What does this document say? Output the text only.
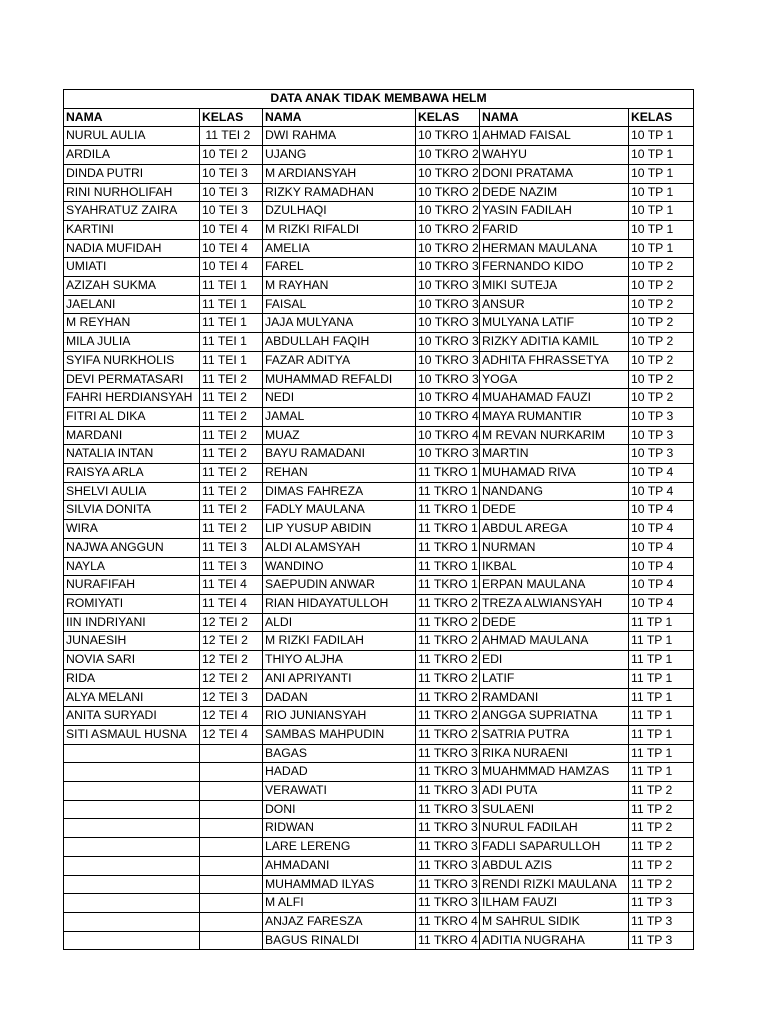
DATA ANAK TIDAK MEMBAWA HELM					
NAMA	KELAS	NAMA	KELAS	NAMA	KELAS
NURUL AULIA	11 TEI 2	DWI RAHMA	10 TKRO 1	AHMAD FAISAL	10 TP 1
ARDILA	10 TEI 2	UJANG	10 TKRO 2	WAHYU	10 TP 1
DINDA PUTRI	10 TEI 3	M ARDIANSYAH	10 TKRO 2	DONI PRATAMA	10 TP 1
RINI NURHOLIFAH	10 TEI 3	RIZKY RAMADHAN	10 TKRO 2	DEDE NAZIM	10 TP 1
SYAHRATUZ ZAIRA	10 TEI 3	DZULHAQI	10 TKRO 2	YASIN FADILAH	10 TP 1
KARTINI	10 TEI 4	M RIZKI RIFALDI	10 TKRO 2	FARID	10 TP 1
NADIA MUFIDAH	10 TEI 4	AMELIA	10 TKRO 2	HERMAN MAULANA	10 TP 1
UMIATI	10 TEI 4	FAREL	10 TKRO 3	FERNANDO KIDO	10 TP 2
AZIZAH SUKMA	11 TEI 1	M RAYHAN	10 TKRO 3	MIKI SUTEJA	10 TP 2
JAELANI	11 TEI 1	FAISAL	10 TKRO 3	ANSUR	10 TP 2
M REYHAN	11 TEI 1	JAJA MULYANA	10 TKRO 3	MULYANA LATIF	10 TP 2
MILA JULIA	11 TEI 1	ABDULLAH FAQIH	10 TKRO 3	RIZKY ADITIA KAMIL	10 TP 2
SYIFA NURKHOLIS	11 TEI 1	FAZAR ADITYA	10 TKRO 3	ADHITA FHRASSETYA	10 TP 2
DEVI PERMATASARI	11 TEI 2	MUHAMMAD REFALDI	10 TKRO 3	YOGA	10 TP 2
FAHRI HERDIANSYAH	11 TEI 2	NEDI	10 TKRO 4	MUAHAMAD FAUZI	10 TP 2
FITRI AL DIKA	11 TEI 2	JAMAL	10 TKRO 4	MAYA RUMANTIR	10 TP 3
MARDANI	11 TEI 2	MUAZ	10 TKRO 4	M REVAN NURKARIM	10 TP 3
NATALIA INTAN	11 TEI 2	BAYU RAMADANI	10 TKRO 3	MARTIN	10 TP 3
RAISYA ARLA	11 TEI 2	REHAN	11 TKRO 1	MUHAMAD RIVA	10 TP 4
SHELVI AULIA	11 TEI 2	DIMAS FAHREZA	11 TKRO 1	NANDANG	10 TP 4
SILVIA DONITA	11 TEI 2	FADLY MAULANA	11 TKRO 1	DEDE	10 TP 4
WIRA	11 TEI 2	LIP YUSUP ABIDIN	11 TKRO 1	ABDUL AREGA	10 TP 4
NAJWA ANGGUN	11 TEI 3	ALDI ALAMSYAH	11 TKRO 1	NURMAN	10 TP 4
NAYLA	11 TEI 3	WANDINO	11 TKRO 1	IKBAL	10 TP 4
NURAFIFAH	11 TEI 4	SAEPUDIN ANWAR	11 TKRO 1	ERPAN MAULANA	10 TP 4
ROMIYATI	11 TEI 4	RIAN HIDAYATULLOH	11 TKRO 2	TREZA ALWIANSYAH	10 TP 4
IIN INDRIYANI	12 TEI 2	ALDI	11 TKRO 2	DEDE	11 TP 1
JUNAESIH	12 TEI 2	M RIZKI FADILAH	11 TKRO 2	AHMAD MAULANA	11 TP 1
NOVIA SARI	12 TEI 2	THIYO ALJHA	11 TKRO 2	EDI	11 TP 1
RIDA	12 TEI 2	ANI APRIYANTI	11 TKRO 2	LATIF	11 TP 1
ALYA MELANI	12 TEI 3	DADAN	11 TKRO 2	RAMDANI	11 TP 1
ANITA SURYADI	12 TEI 4	RIO JUNIANSYAH	11 TKRO 2	ANGGA SUPRIATNA	11 TP 1
SITI ASMAUL HUSNA	12 TEI 4	SAMBAS MAHPUDIN	11 TKRO 2	SATRIA PUTRA	11 TP 1
		BAGAS	11 TKRO 3	RIKA NURAENI	11 TP 1
		HADAD	11 TKRO 3	MUAHMMAD HAMZAS	11 TP 1
		VERAWATI	11 TKRO 3	ADI PUTA	11 TP 2
		DONI	11 TKRO 3	SULAENI	11 TP 2
		RIDWAN	11 TKRO 3	NURUL FADILAH	11 TP 2
		LARE LERENG	11 TKRO 3	FADLI SAPARULLOH	11 TP 2
		AHMADANI	11 TKRO 3	ABDUL AZIS	11 TP 2
		MUHAMMAD ILYAS	11 TKRO 3	RENDI RIZKI MAULANA	11 TP 2
		M ALFI	11 TKRO 3	ILHAM FAUZI	11 TP 3
		ANJAZ FARESZA	11 TKRO 4	M SAHRUL SIDIK	11 TP 3
		BAGUS RINALDI	11 TKRO 4	ADITIA NUGRAHA	11 TP 3
